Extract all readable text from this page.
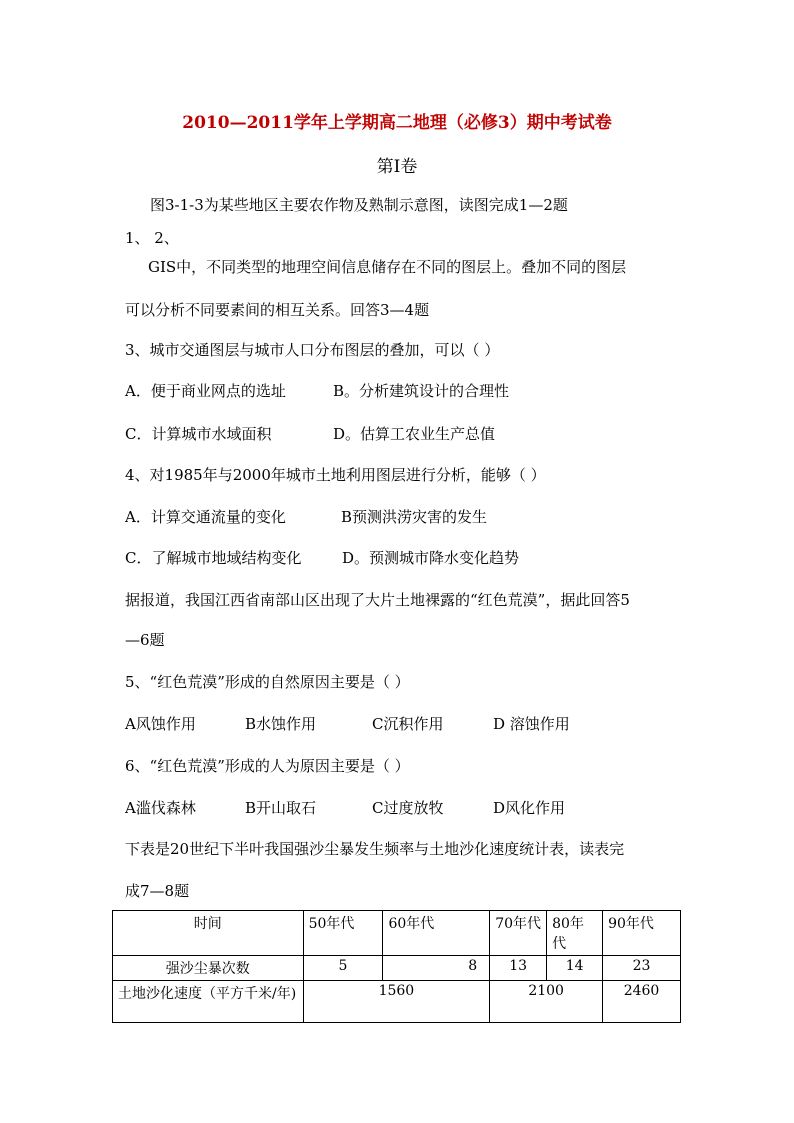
2010—2011学年上学期高二地理（必修3）期中考试卷
第Ⅰ卷
图3-1-3为某些地区主要农作物及熟制示意图，读图完成1—2题
1、 2、
GIS中，不同类型的地理空间信息储存在不同的图层上。叠加不同的图层
可以分析不同要素间的相互关系。回答3—4题
3、城市交通图层与城市人口分布图层的叠加，可以（ ）
A．便于商业网点的选址	B。分析建筑设计的合理性
C．计算城市水域面积	D。估算工农业生产总值
4、对1985年与2000年城市土地利用图层进行分析，能够（ ）
A．计算交通流量的变化	B预测洪涝灾害的发生
C．了解城市地域结构变化	D。预测城市降水变化趋势
据报道，我国江西省南部山区出现了大片土地裸露的“红色荒漠”，据此回答5
—6题
5、“红色荒漠”形成的自然原因主要是（ ）
A风蚀作用	B水蚀作用	C沉积作用	D 溶蚀作用
6、“红色荒漠”形成的人为原因主要是（ ）
A滥伐森林	B开山取石	C过度放牧	D风化作用
下表是20世纪下半叶我国强沙尘暴发生频率与土地沙化速度统计表，读表完
成7—8题
时间	50年代	60年代	70年代	80年代	90年代
强沙尘暴次数	5	8	13	14	23
土地沙化速度（平方千米/年)	1560		2100		2460
